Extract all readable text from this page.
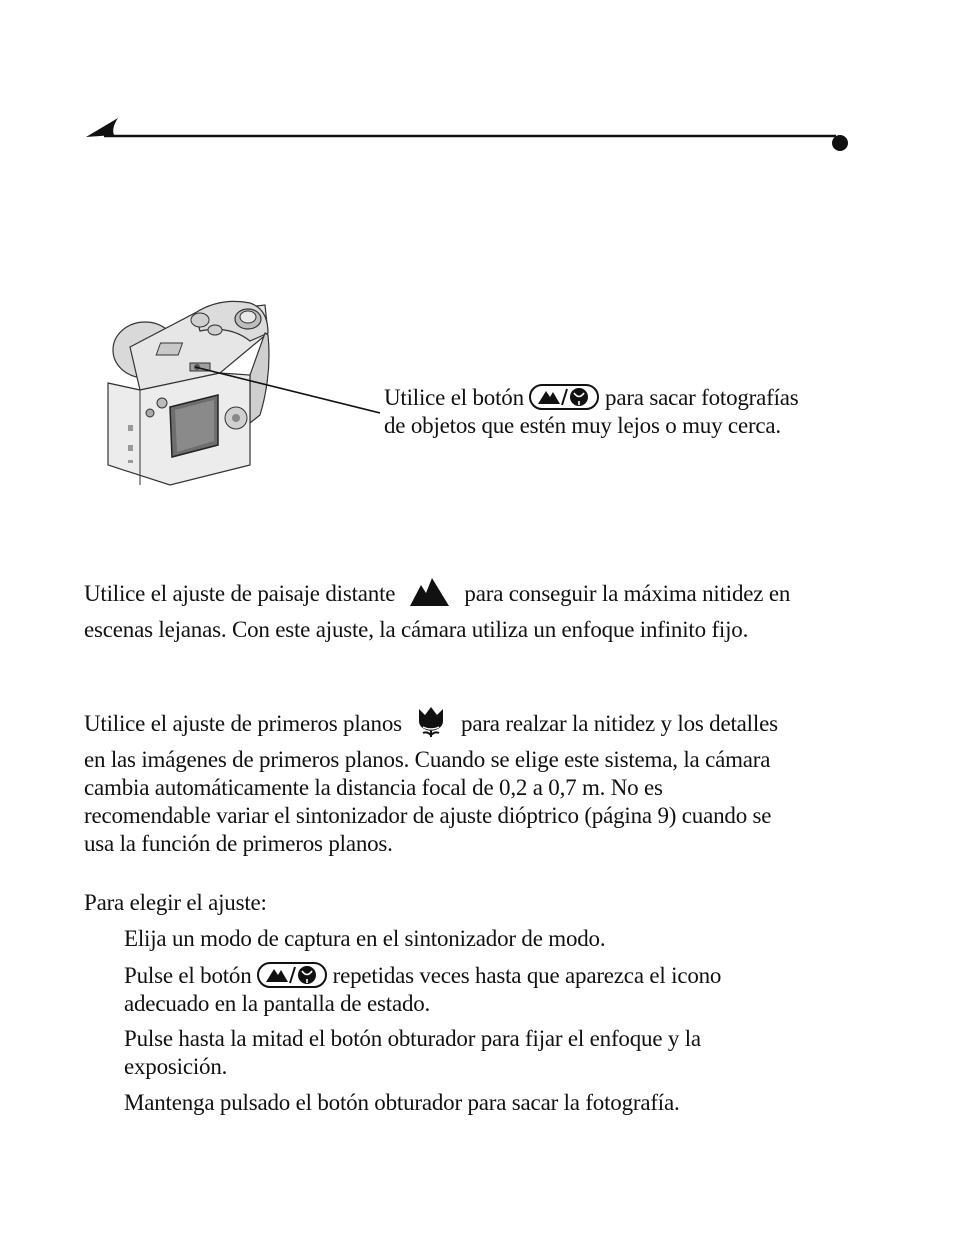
Utilice el botón	para sacar fotografías
de objetos que estén muy lejos o muy cerca.
Utilice el ajuste de paisaje distante	para conseguir la máxima nitidez en
escenas lejanas. Con este ajuste, la cámara utiliza un enfoque infinito fijo.
Utilice el ajuste de primeros planos	para realzar la nitidez y los detalles
en las imágenes de primeros planos. Cuando se elige este sistema, la cámara
cambia automáticamente la distancia focal de 0,2 a 0,7 m. No es
recomendable variar el sintonizador de ajuste dióptrico (página 9) cuando se
usa la función de primeros planos.
Para elegir el ajuste:
Elija un modo de captura en el sintonizador de modo.
Pulse el botón	repetidas veces hasta que aparezca el icono
adecuado en la pantalla de estado.
Pulse hasta la mitad el botón obturador para fijar el enfoque y la
exposición.
Mantenga pulsado el botón obturador para sacar la fotografía.
